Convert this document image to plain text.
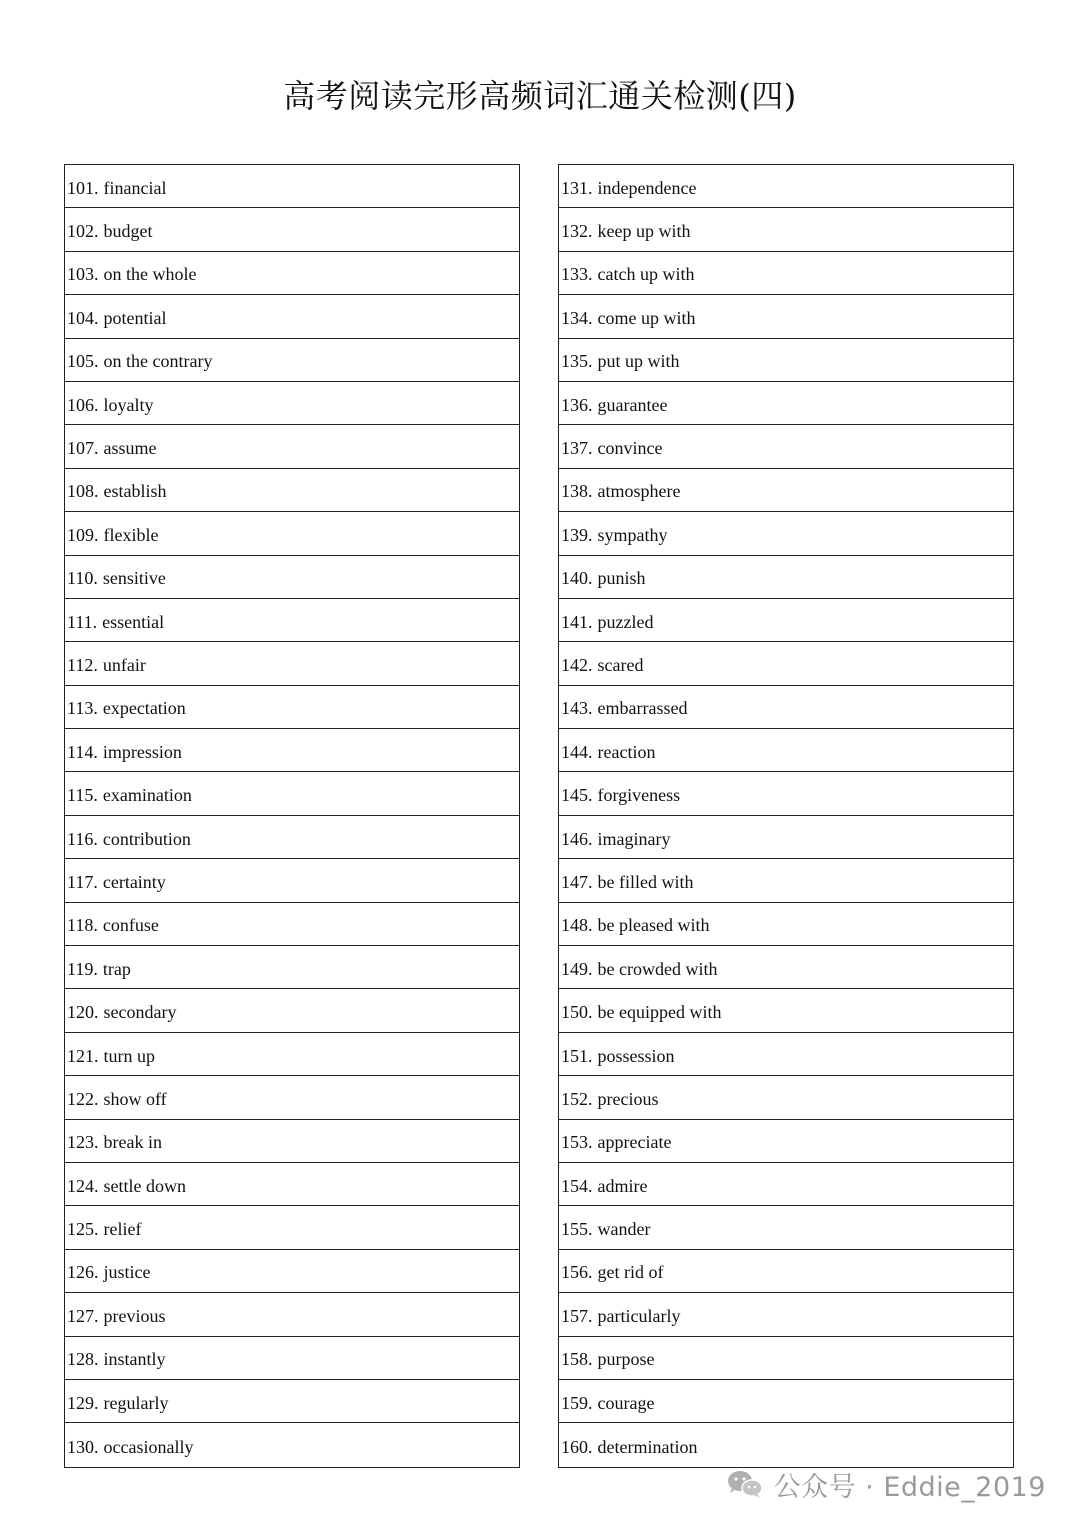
高考阅读完形高频词汇通关检测(四)
101. financial
102. budget
103. on the whole
104. potential
105. on the contrary
106. loyalty
107. assume
108. establish
109. flexible
110. sensitive
111. essential
112. unfair
113. expectation
114. impression
115. examination
116. contribution
117. certainty
118. confuse
119. trap
120. secondary
121. turn up
122. show off
123. break in
124. settle down
125. relief
126. justice
127. previous
128. instantly
129. regularly
130. occasionally
131. independence
132. keep up with
133. catch up with
134. come up with
135. put up with
136. guarantee
137. convince
138. atmosphere
139. sympathy
140. punish
141. puzzled
142. scared
143. embarrassed
144. reaction
145. forgiveness
146. imaginary
147. be filled with
148. be pleased with
149. be crowded with
150. be equipped with
151. possession
152. precious
153. appreciate
154. admire
155. wander
156. get rid of
157. particularly
158. purpose
159. courage
160. determination
公众号 · Eddie_2019
